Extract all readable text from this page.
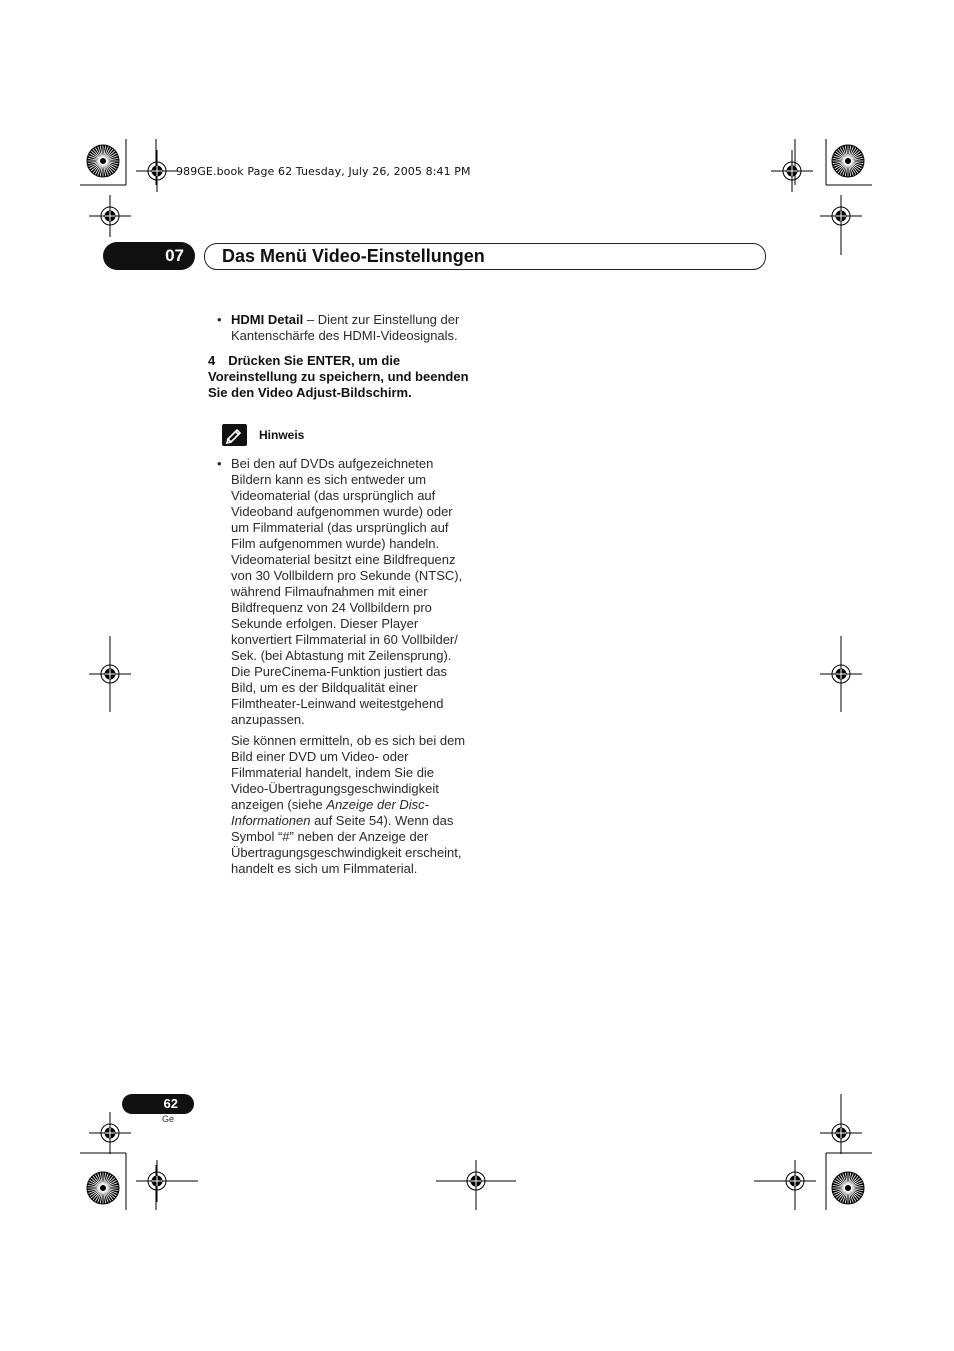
989GE.book Page 62 Tuesday, July 26, 2005 8:41 PM
07	Das Menü Video-Einstellungen
• HDMI Detail – Dient zur Einstellung der
Kantenschärfe des HDMI-Videosignals.
4 Drücken Sie ENTER, um die
Voreinstellung zu speichern, und beenden
Sie den Video Adjust-Bildschirm.
Hinweis
• Bei den auf DVDs aufgezeichneten
Bildern kann es sich entweder um
Videomaterial (das ursprünglich auf
Videoband aufgenommen wurde) oder
um Filmmaterial (das ursprünglich auf
Film aufgenommen wurde) handeln.
Videomaterial besitzt eine Bildfrequenz
von 30 Vollbildern pro Sekunde (NTSC),
während Filmaufnahmen mit einer
Bildfrequenz von 24 Vollbildern pro
Sekunde erfolgen. Dieser Player
konvertiert Filmmaterial in 60 Vollbilder/
Sek. (bei Abtastung mit Zeilensprung).
Die PureCinema-Funktion justiert das
Bild, um es der Bildqualität einer
Filmtheater-Leinwand weitestgehend
anzupassen.
Sie können ermitteln, ob es sich bei dem
Bild einer DVD um Video- oder
Filmmaterial handelt, indem Sie die
Video-Übertragungsgeschwindigkeit
anzeigen (siehe Anzeige der Disc-
Informationen auf Seite 54). Wenn das
Symbol “#” neben der Anzeige der
Übertragungsgeschwindigkeit erscheint,
handelt es sich um Filmmaterial.
62
Ge
